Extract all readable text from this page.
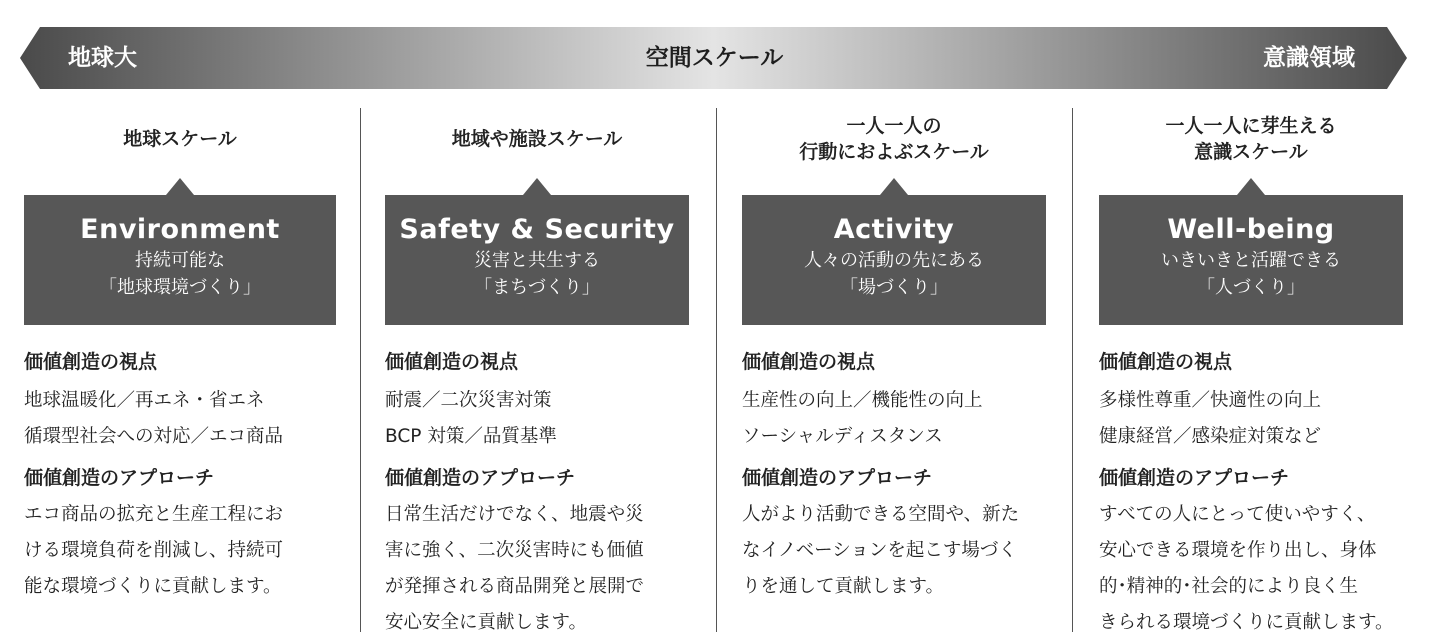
地球大	空間スケール	意識領域
地球スケール
Environment
持続可能な
「地球環境づくり」
価値創造の視点
地球温暖化／再エネ・省エネ
循環型社会への対応／エコ商品
価値創造のアプローチ
エコ商品の拡充と生産工程にお
ける環境負荷を削減し、持続可
能な環境づくりに貢献します。
地域や施設スケール
Safety & Security
災害と共生する
「まちづくり」
価値創造の視点
耐震／二次災害対策
BCP 対策／品質基準
価値創造のアプローチ
日常生活だけでなく、地震や災
害に強く、二次災害時にも価値
が発揮される商品開発と展開で
安心安全に貢献します。
一人一人の
行動におよぶスケール
Activity
人々の活動の先にある
「場づくり」
価値創造の視点
生産性の向上／機能性の向上
ソーシャルディスタンス
価値創造のアプローチ
人がより活動できる空間や、新た
なイノベーションを起こす場づく
りを通して貢献します。
一人一人に芽生える
意識スケール
Well-being
いきいきと活躍できる
「人づくり」
価値創造の視点
多様性尊重／快適性の向上
健康経営／感染症対策など
価値創造のアプローチ
すべての人にとって使いやすく、
安心できる環境を作り出し、身体
的･精神的･社会的により良く生
きられる環境づくりに貢献します。
